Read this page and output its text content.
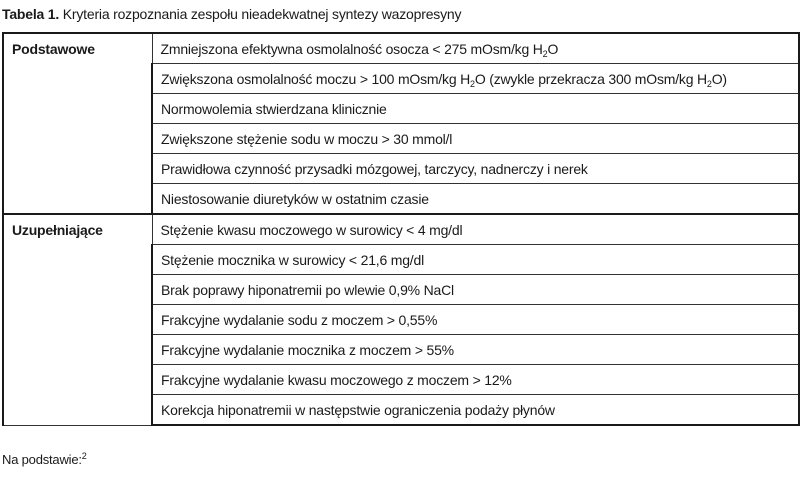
Tabela 1. Kryteria rozpoznania zespołu nieadekwatnej syntezy wazopresyny
Podstawowe	Zmniejszona efektywna osmolalność osocza < 275 mOsm/kg $H_2O$
	Zwiększona osmolalność moczu > 100 mOsm/kg $H_2O$ (zwykle przekracza 300 mOsm/kg $H_2O$)
	Normowolemia stwierdzana klinicznie
	Zwiększone stężenie sodu w moczu > 30 mmol/l
	Prawidłowa czynność przysadki mózgowej, tarczycy, nadnerczy i nerek
	Niestosowanie diuretyków w ostatnim czasie
Uzupełniające	Stężenie kwasu moczowego w surowicy < 4 mg/dl
	Stężenie mocznika w surowicy < 21,6 mg/dl
	Brak poprawy hiponatremii po wlewie 0,9% NaCl
	Frakcyjne wydalanie sodu z moczem > 0,55%
	Frakcyjne wydalanie mocznika z moczem > 55%
	Frakcyjne wydalanie kwasu moczowego z moczem > 12%
	Korekcja hiponatremii w następstwie ograniczenia podaży płynów
Na podstawie:$^2$
